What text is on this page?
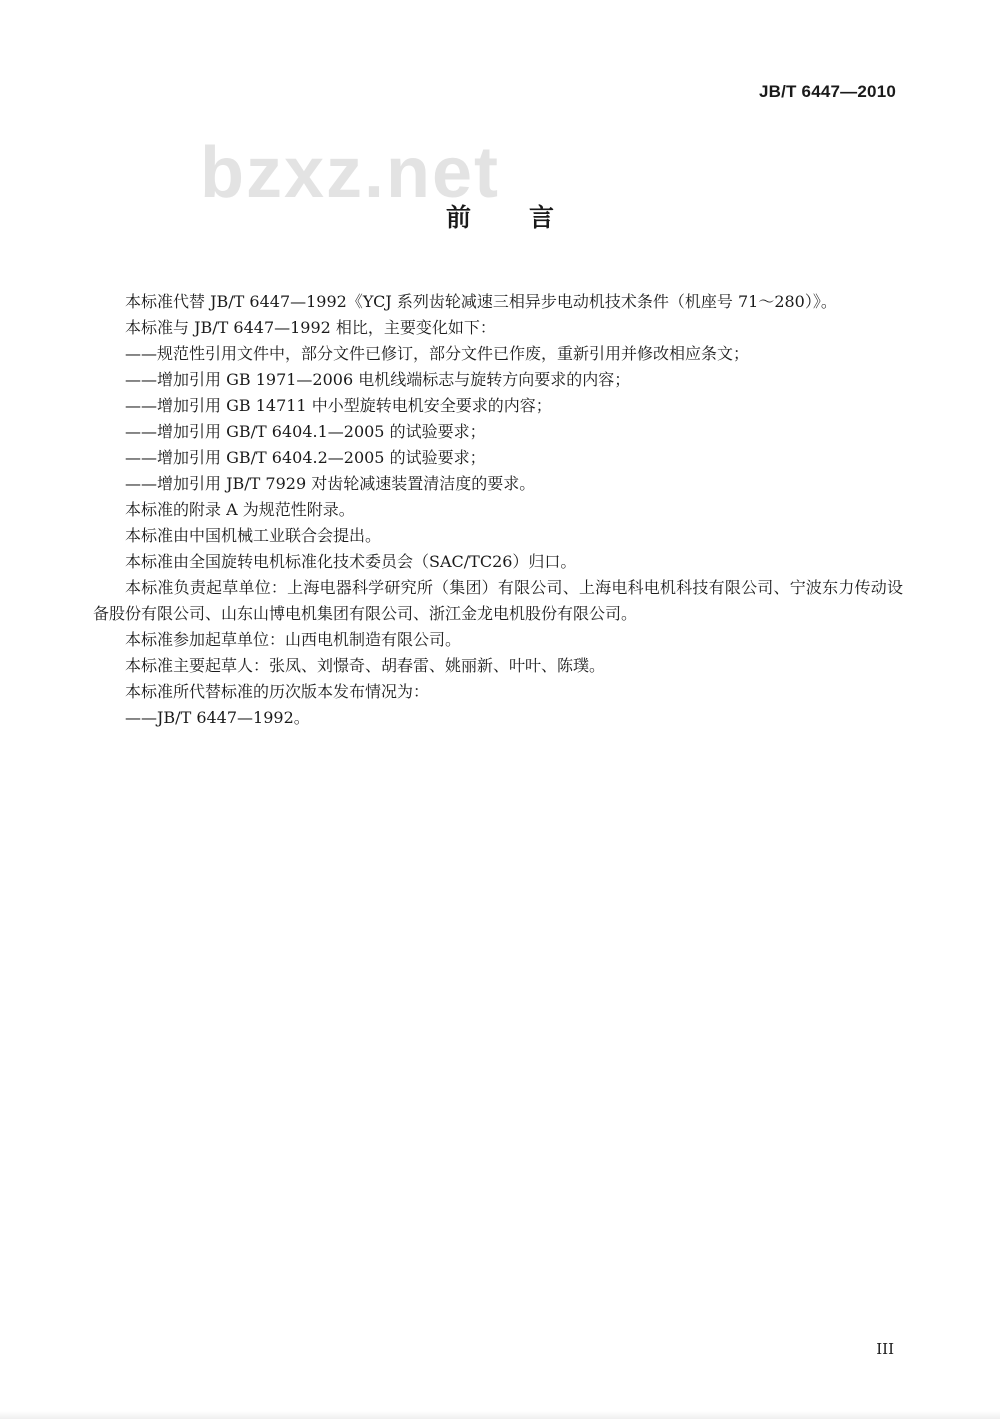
JB/T 6447—2010
bzxz.net
前言

本标准代替 JB/T 6447—1992《YCJ 系列齿轮减速三相异步电动机技术条件（机座号 71～280）》。

本标准与 JB/T 6447—1992 相比，主要变化如下：

——规范性引用文件中，部分文件已修订，部分文件已作废，重新引用并修改相应条文；

——增加引用 GB 1971—2006 电机线端标志与旋转方向要求的内容；

——增加引用 GB 14711 中小型旋转电机安全要求的内容；

——增加引用 GB/T 6404.1—2005 的试验要求；

——增加引用 GB/T 6404.2—2005 的试验要求；

——增加引用 JB/T 7929 对齿轮减速装置清洁度的要求。

本标准的附录 A 为规范性附录。

本标准由中国机械工业联合会提出。

本标准由全国旋转电机标准化技术委员会（SAC/TC26）归口。

本标准负责起草单位：上海电器科学研究所（集团）有限公司、上海电科电机科技有限公司、宁波东力传动设备股份有限公司、山东山博电机集团有限公司、浙江金龙电机股份有限公司。

本标准参加起草单位：山西电机制造有限公司。

本标准主要起草人：张凤、刘憬奇、胡春雷、姚丽新、叶叶、陈璞。

本标准所代替标准的历次版本发布情况为：

——JB/T 6447—1992。

III
